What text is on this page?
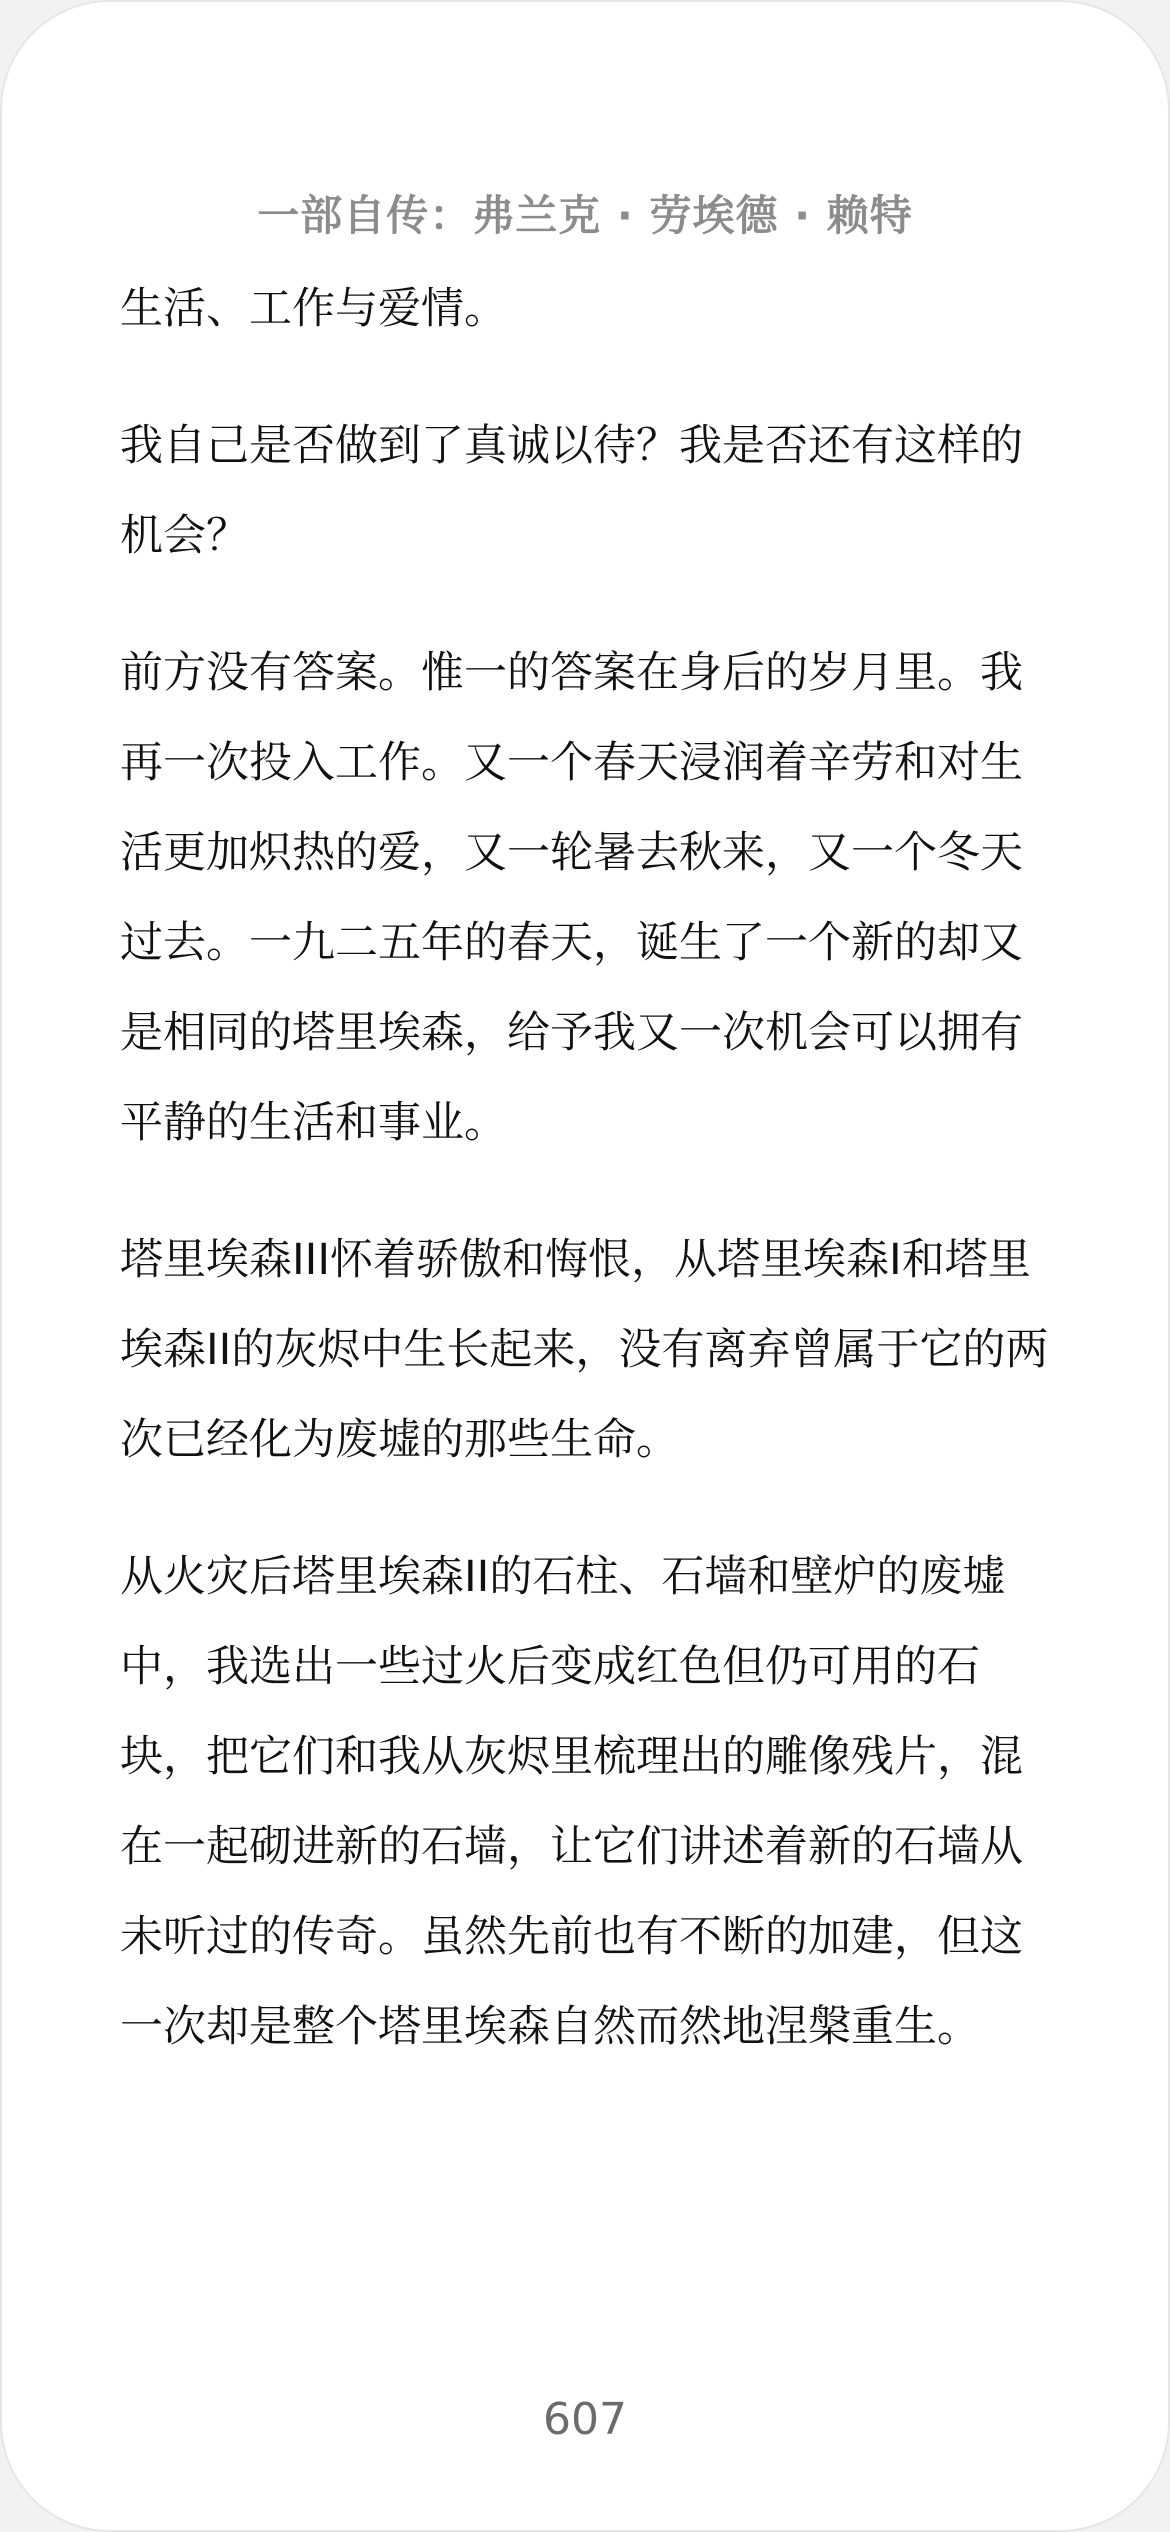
一部自传：弗兰克 · 劳埃德 · 赖特

生活、工作与爱情。

我自己是否做到了真诚以待？我是否还有这样的机会？

前方没有答案。惟一的答案在身后的岁月里。我再一次投入工作。又一个春天浸润着辛劳和对生活更加炽热的爱，又一轮暑去秋来，又一个冬天过去。一九二五年的春天，诞生了一个新的却又是相同的塔里埃森，给予我又一次机会可以拥有平静的生活和事业。

塔里埃森III怀着骄傲和悔恨，从塔里埃森I和塔里埃森II的灰烬中生长起来，没有离弃曾属于它的两次已经化为废墟的那些生命。

从火灾后塔里埃森II的石柱、石墙和壁炉的废墟中，我选出一些过火后变成红色但仍可用的石块，把它们和我从灰烬里梳理出的雕像残片，混在一起砌进新的石墙，让它们讲述着新的石墙从未听过的传奇。虽然先前也有不断的加建，但这一次却是整个塔里埃森自然而然地涅槃重生。

607
